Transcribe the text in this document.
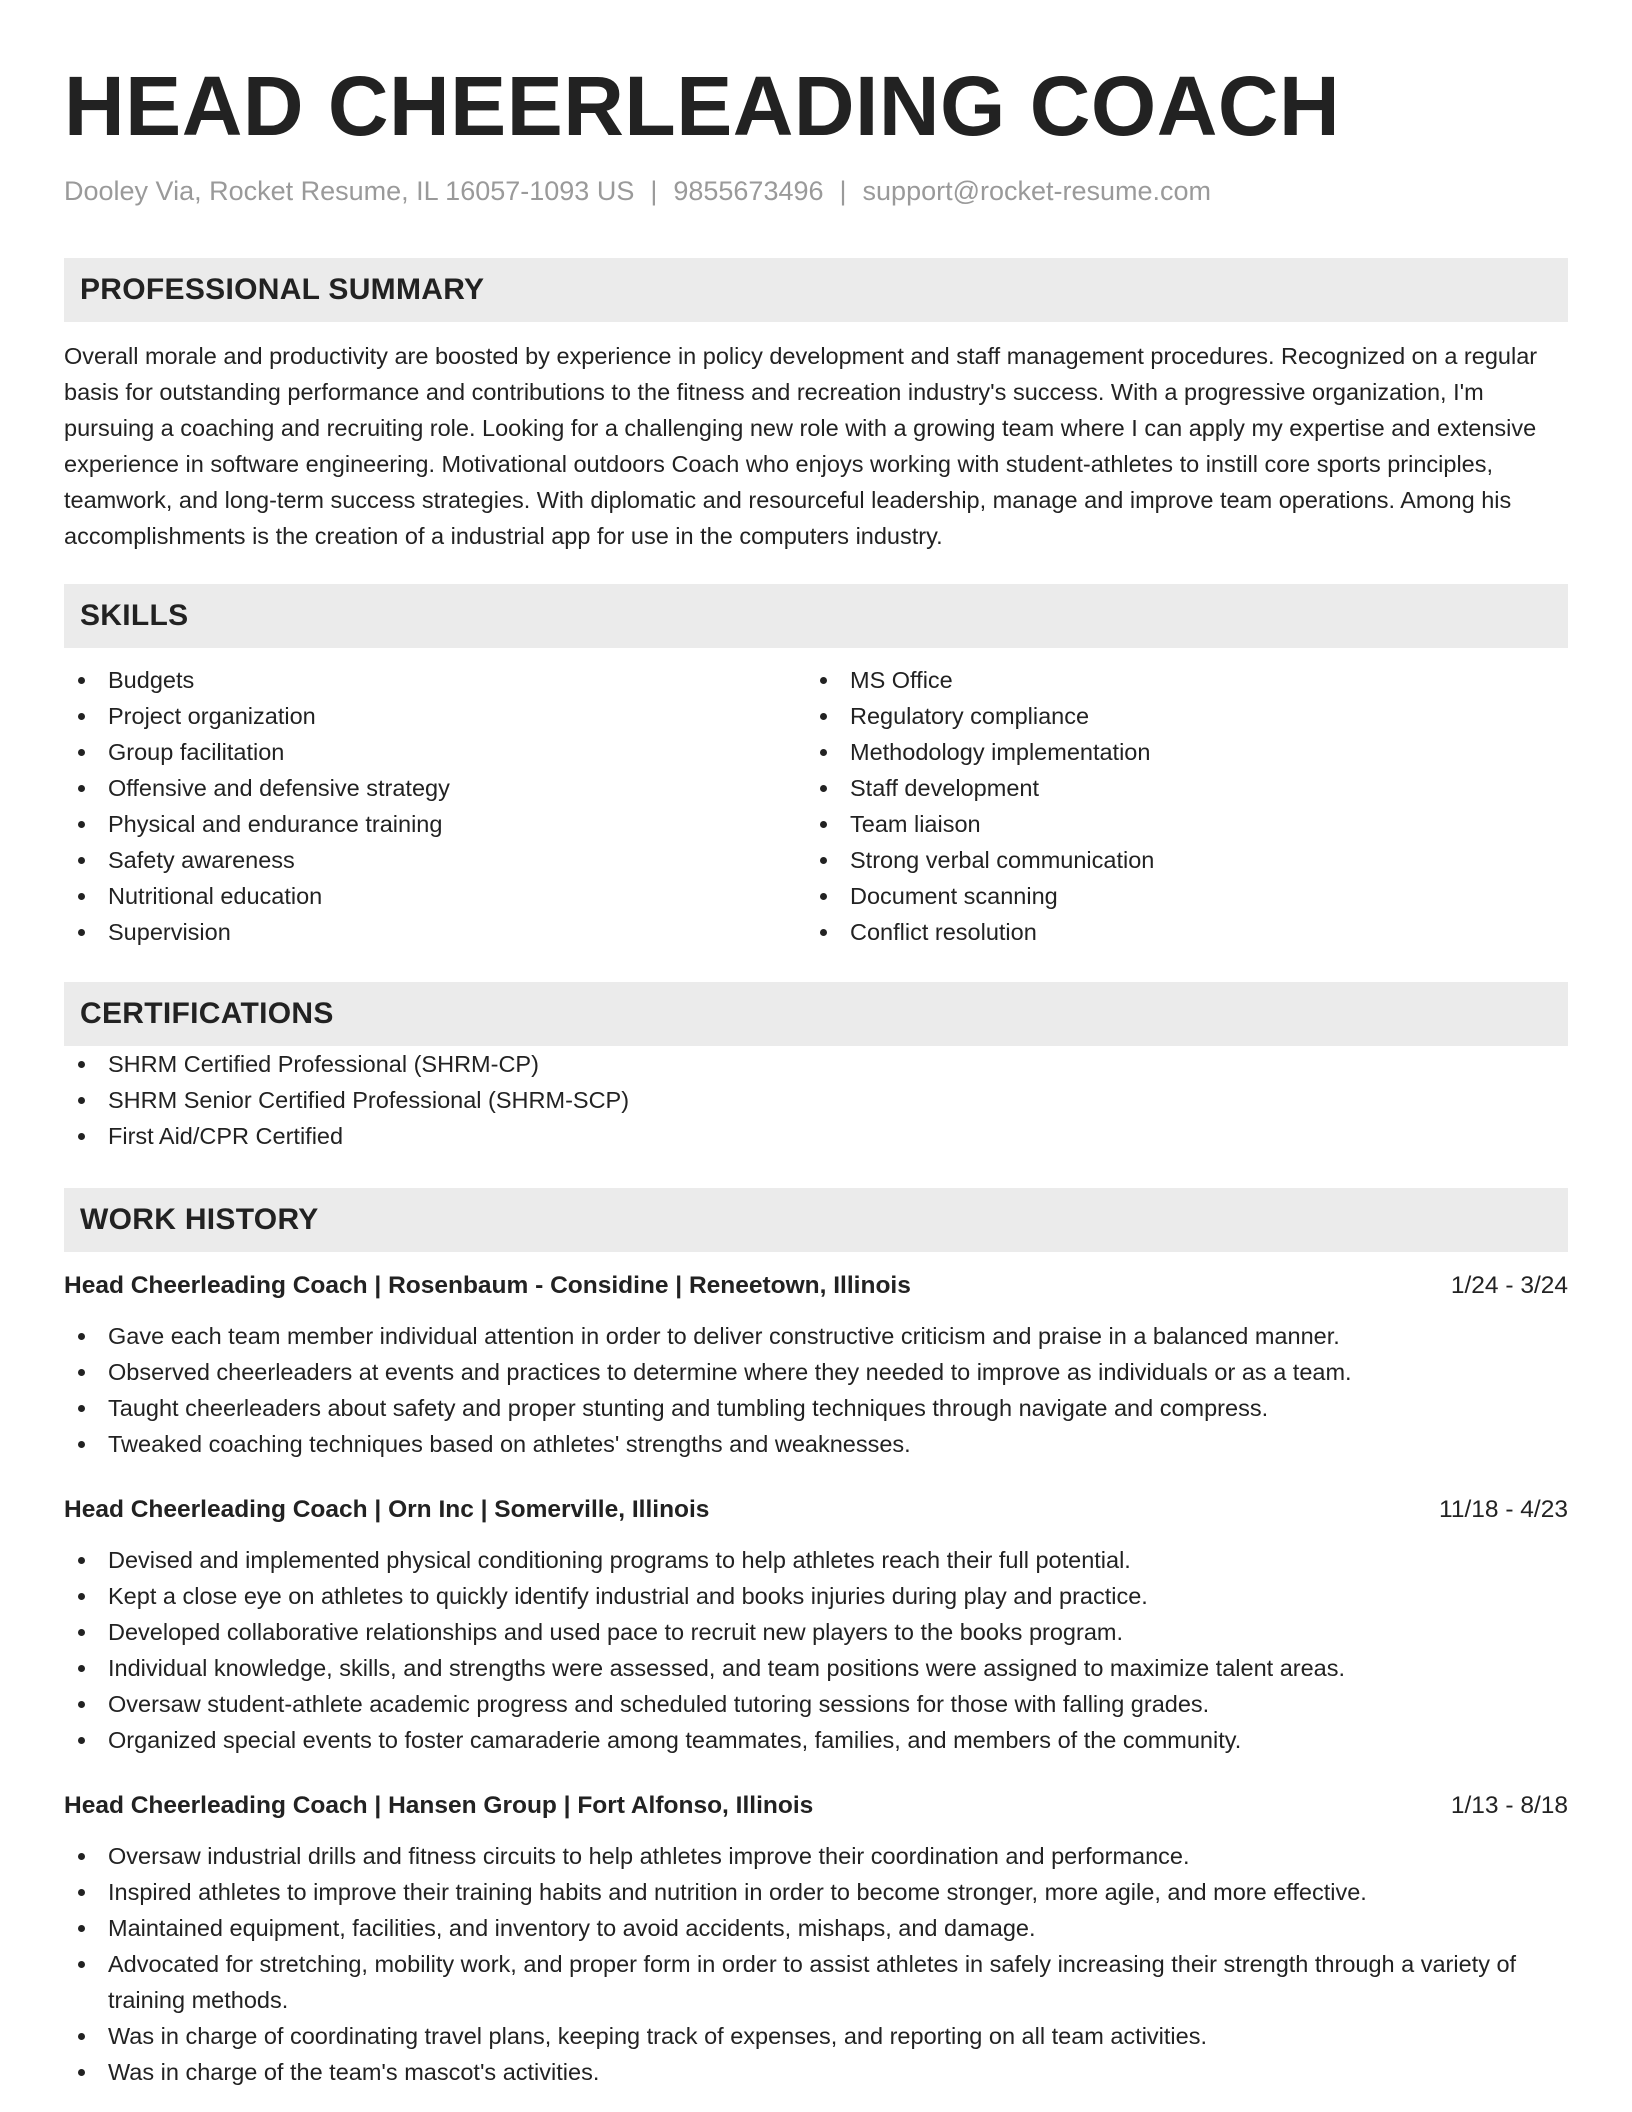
HEAD CHEERLEADING COACH
Dooley Via, Rocket Resume, IL 16057-1093 US | 9855673496 | support@rocket-resume.com
PROFESSIONAL SUMMARY

Overall morale and productivity are boosted by experience in policy development and staff management procedures. Recognized on a regular basis for outstanding performance and contributions to the fitness and recreation industry's success. With a progressive organization, I'm pursuing a coaching and recruiting role. Looking for a challenging new role with a growing team where I can apply my expertise and extensive experience in software engineering. Motivational outdoors Coach who enjoys working with student-athletes to instill core sports principles, teamwork, and long-term success strategies. With diplomatic and resourceful leadership, manage and improve team operations. Among his accomplishments is the creation of a industrial app for use in the computers industry.

SKILLS
Budgets
Project organization
Group facilitation
Offensive and defensive strategy
Physical and endurance training
Safety awareness
Nutritional education
Supervision
MS Office
Regulatory compliance
Methodology implementation
Staff development
Team liaison
Strong verbal communication
Document scanning
Conflict resolution
CERTIFICATIONS
SHRM Certified Professional (SHRM-CP)
SHRM Senior Certified Professional (SHRM-SCP)
First Aid/CPR Certified
WORK HISTORY
Head Cheerleading Coach | Rosenbaum - Considine | Reneetown, Illinois	1/24 - 3/24
Gave each team member individual attention in order to deliver constructive criticism and praise in a balanced manner.
Observed cheerleaders at events and practices to determine where they needed to improve as individuals or as a team.
Taught cheerleaders about safety and proper stunting and tumbling techniques through navigate and compress.
Tweaked coaching techniques based on athletes' strengths and weaknesses.
Head Cheerleading Coach | Orn Inc | Somerville, Illinois	11/18 - 4/23
Devised and implemented physical conditioning programs to help athletes reach their full potential.
Kept a close eye on athletes to quickly identify industrial and books injuries during play and practice.
Developed collaborative relationships and used pace to recruit new players to the books program.
Individual knowledge, skills, and strengths were assessed, and team positions were assigned to maximize talent areas.
Oversaw student-athlete academic progress and scheduled tutoring sessions for those with falling grades.
Organized special events to foster camaraderie among teammates, families, and members of the community.
Head Cheerleading Coach | Hansen Group | Fort Alfonso, Illinois	1/13 - 8/18
Oversaw industrial drills and fitness circuits to help athletes improve their coordination and performance.
Inspired athletes to improve their training habits and nutrition in order to become stronger, more agile, and more effective.
Maintained equipment, facilities, and inventory to avoid accidents, mishaps, and damage.
Advocated for stretching, mobility work, and proper form in order to assist athletes in safely increasing their strength through a variety of training methods.
Was in charge of coordinating travel plans, keeping track of expenses, and reporting on all team activities.
Was in charge of the team's mascot's activities.
